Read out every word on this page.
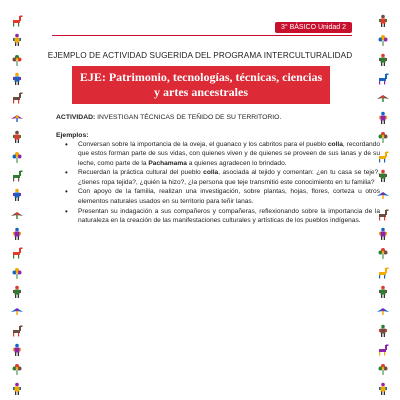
3° BÁSICO Unidad 2
EJEMPLO DE ACTIVIDAD SUGERIDA DEL PROGRAMA INTERCULTURALIDAD
EJE: Patrimonio, tecnologías, técnicas, ciencias y artes ancestrales
ACTIVIDAD: INVESTIGAN TÉCNICAS DE TEÑIDO DE SU TERRITORIO.
Ejemplos:
• Conversan sobre la importancia de la oveja, el guanaco y los cabritos para el pueblo colla, recordando que estos forman parte de sus vidas, con quienes viven y de quienes se proveen de sus lanas y de su leche, como parte de la Pachamama a quienes agradecen lo brindado.
• Recuerdan la práctica cultural del pueblo colla, asociada al tejido y comentan: ¿en tu casa se teje?, ¿tienes ropa tejida?, ¿quién la hizo?, ¿la persona que teje transmitió este conocimiento en tu familia?
• Con apoyo de la familia, realizan una investigación, sobre plantas, hojas, flores, corteza u otros elementos naturales usados en su territorio para teñir lanas.
• Presentan su indagación a sus compañeros y compañeras, reflexionando sobre la importancia de la naturaleza en la creación de las manifestaciones culturales y artísticas de los pueblos indígenas.
